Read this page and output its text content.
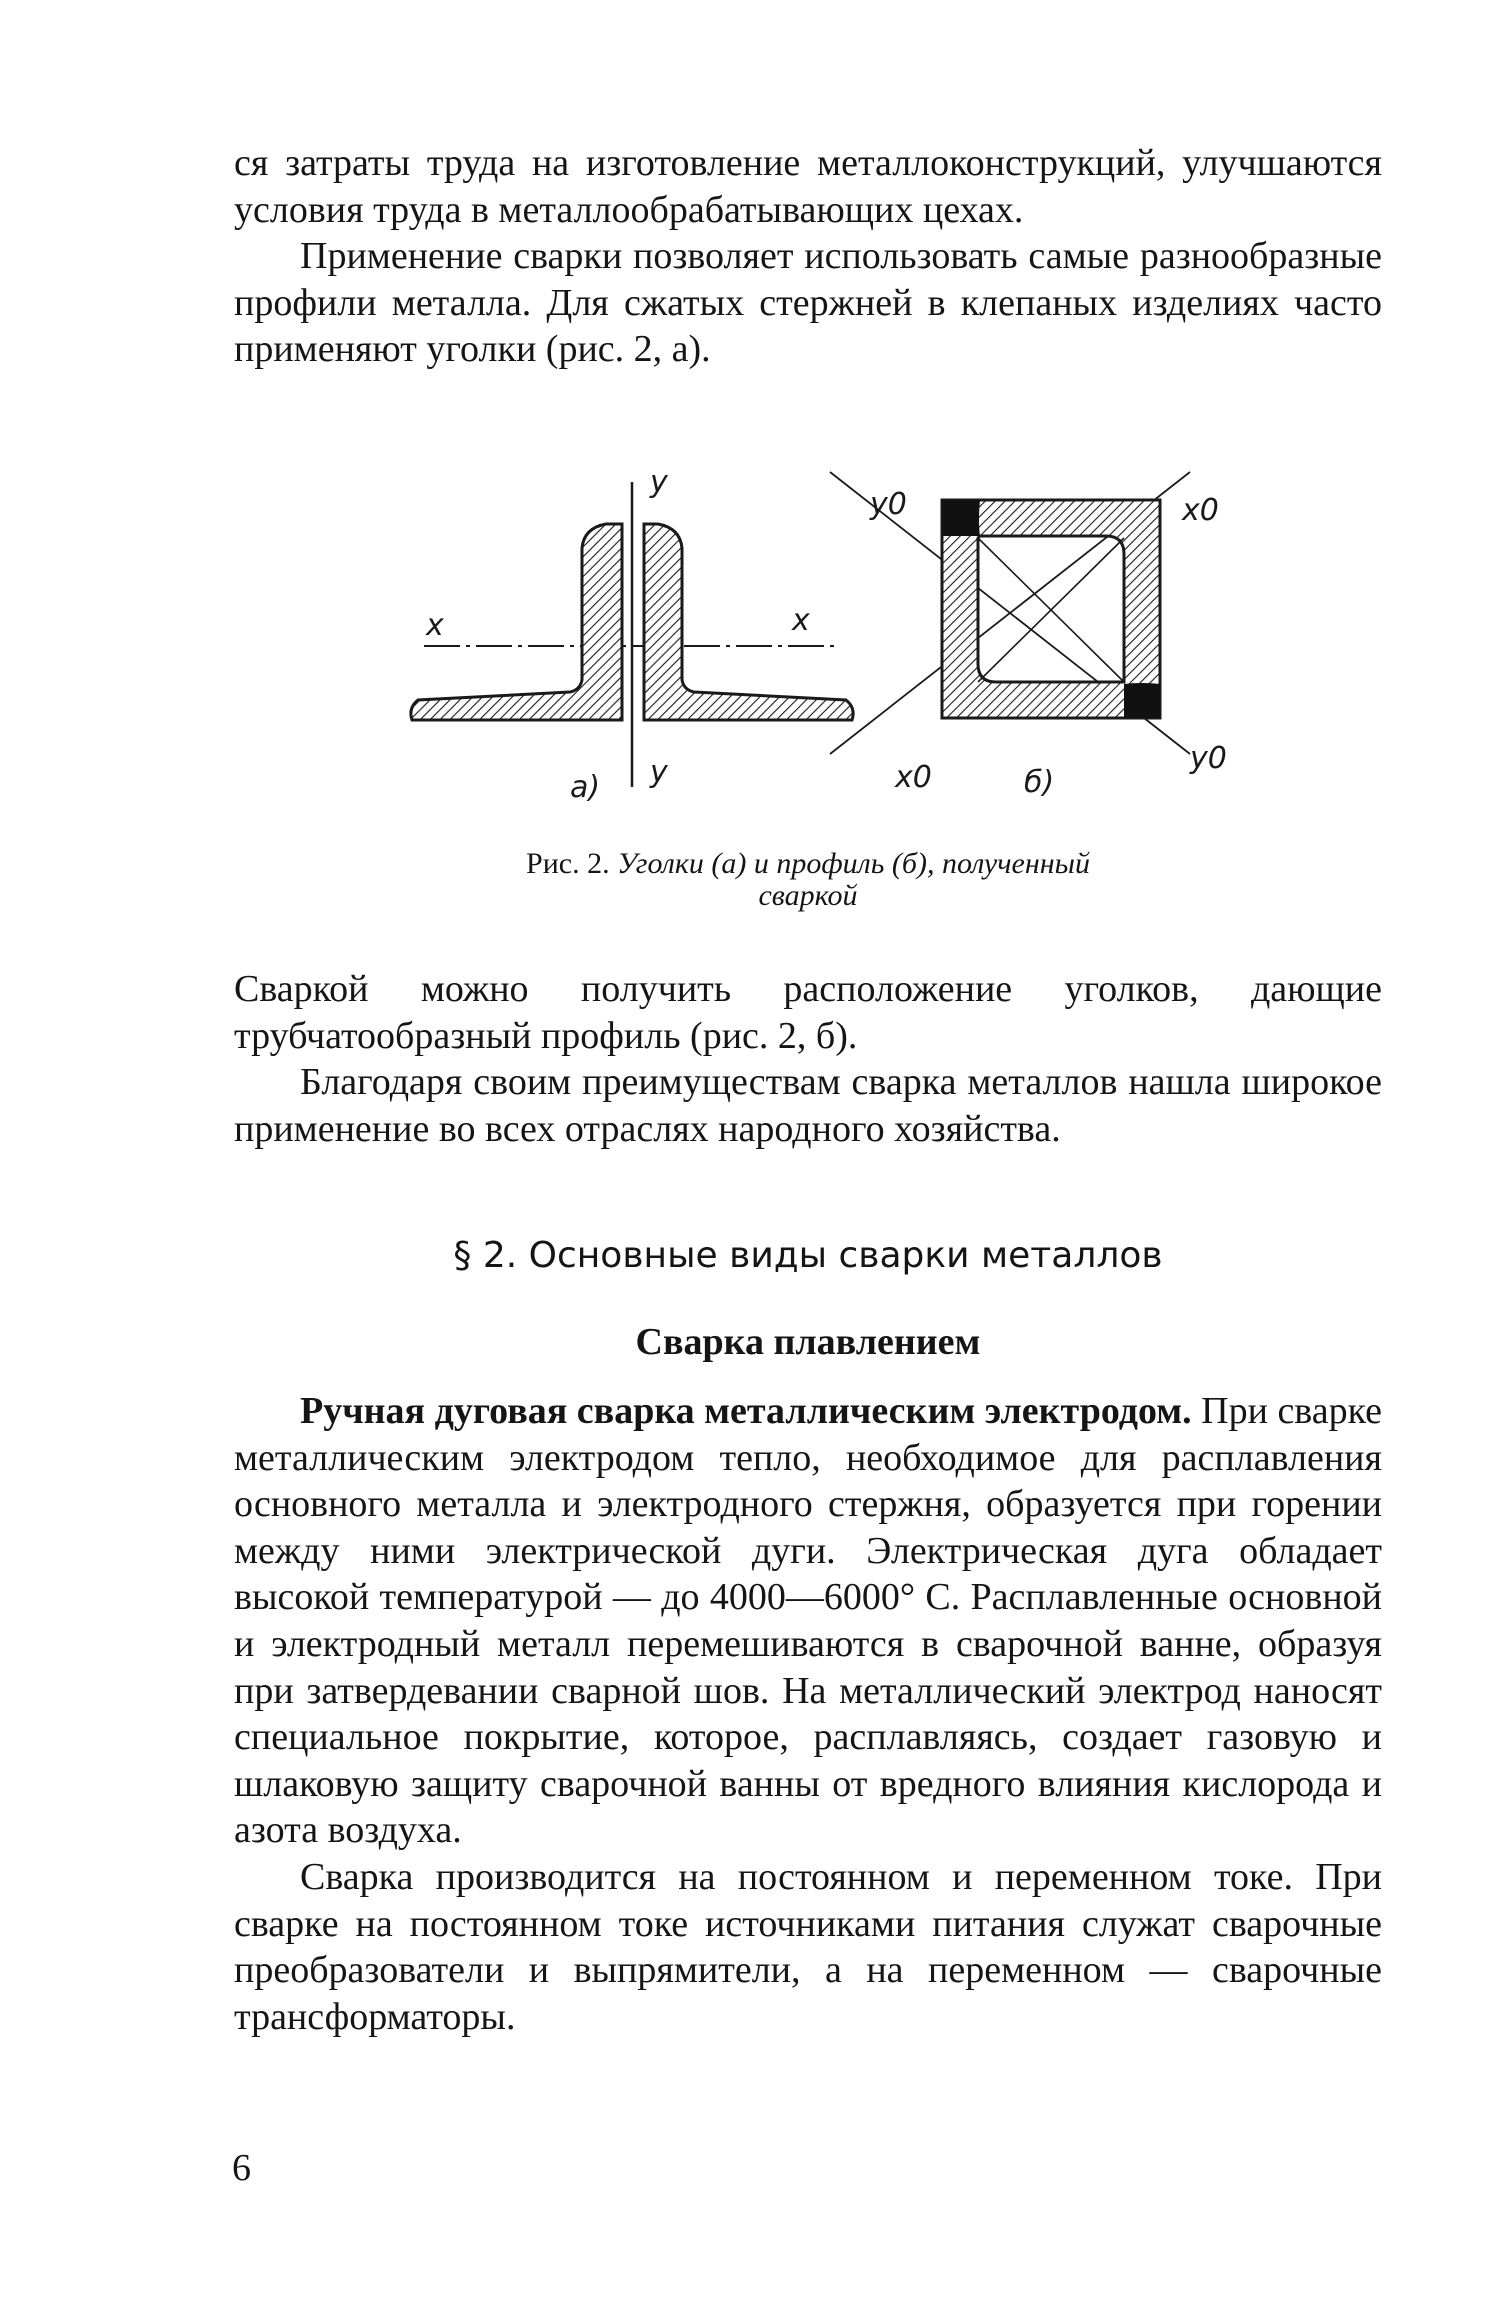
ся затраты труда на изготовление металлоконструкций, улучшаются условия труда в металлообрабатывающих цехах.

Применение сварки позволяет использовать самые разнообразные профили металла. Для сжатых стержней в клепаных изделиях часто применяют уголки (рис. 2, а).

y
y
x	x
а)
y0	x0
x0	б)
y0
Рис. 2. Уголки (а) и профиль (б), полученный
сваркой

Сваркой можно получить расположение уголков, дающие трубчатообразный профиль (рис. 2, б).

Благодаря своим преимуществам сварка металлов нашла широкое применение во всех отраслях народного хозяйства.

§ 2. Основные виды сварки металлов
Сварка плавлением

Ручная дуговая сварка металлическим электродом. При сварке металлическим электродом тепло, необходимое для расплавления основного металла и электродного стержня, образуется при горении между ними электрической дуги. Электрическая дуга обладает высокой температурой — до 4000—6000° С. Расплавленные основной и электродный металл перемешиваются в сварочной ванне, образуя при затвердевании сварной шов. На металлический электрод наносят специальное покрытие, которое, расплавляясь, создает газовую и шлаковую защиту сварочной ванны от вредного влияния кислорода и азота воздуха.

Сварка производится на постоянном и переменном токе. При сварке на постоянном токе источниками питания служат сварочные преобразователи и выпрямители, а на переменном — сварочные трансформаторы.

6
